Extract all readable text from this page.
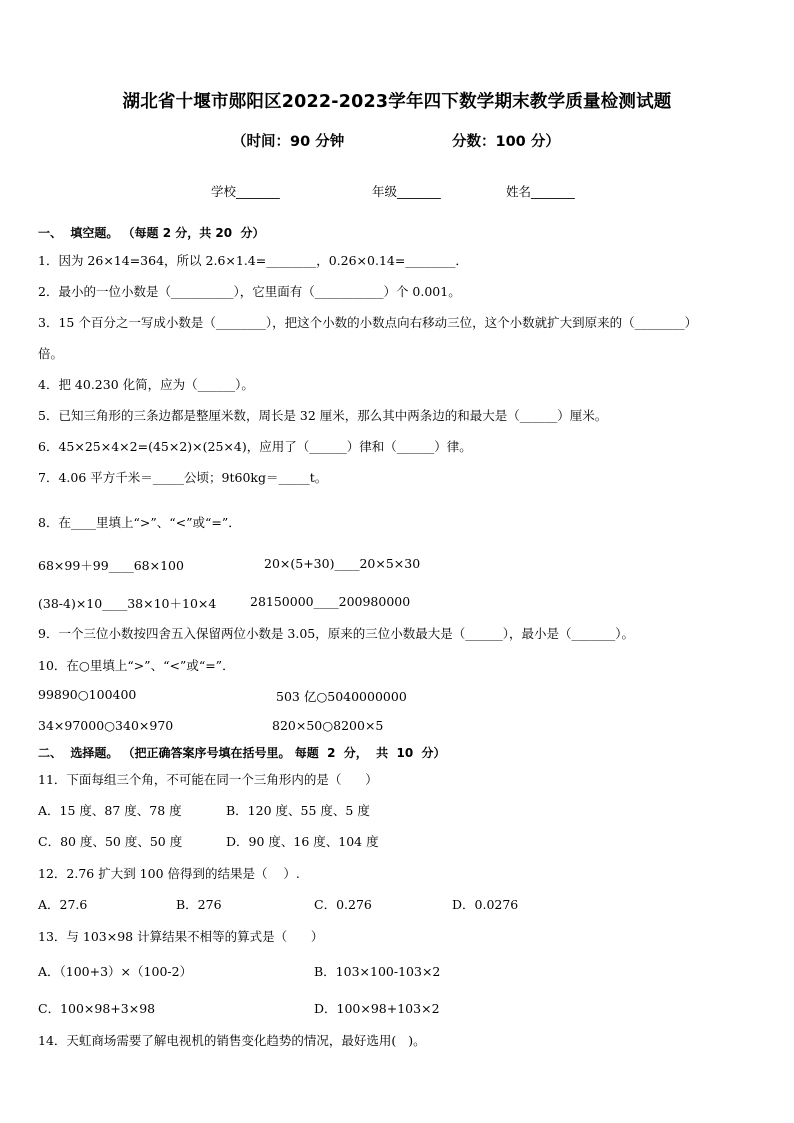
湖北省十堰市郧阳区2022-2023学年四下数学期末教学质量检测试题
（时间：90 分钟	分数：100 分）
学校_______	年级_______	姓名_______
一、  填空题。 （每题 2 分，共 20  分）
1．因为 26×14=364，所以 2.6×1.4=________，0.26×0.14=________．
2．最小的一位小数是（__________），它里面有（___________）个 0.001。
3．15 个百分之一写成小数是（________），把这个小数的小数点向右移动三位，这个小数就扩大到原来的（________）
倍。
4．把 40.230 化简，应为（______）。
5．已知三角形的三条边都是整厘米数，周长是 32 厘米，那么其中两条边的和最大是（______）厘米。
6．45×25×4×2=(45×2)×(25×4)，应用了（______）律和（______）律。
7．4.06 平方千米＝_____公顷；9t60kg＝_____t。
8．在____里填上“>”、“<”或“=”．
68×99＋99____68×100	20×(5+30)____20×5×30
(38-4)×10____38×10＋10×4	28150000____200980000
9．一个三位小数按四舍五入保留两位小数是 3.05，原来的三位小数最大是（______），最小是（_______）。
10．在○里填上“>”、“<”或“=”．
99890○100400	503 亿○5040000000
34×97000○340×970	820×50○8200×5
二、  选择题。 （把正确答案序号填在括号里。 每题  2  分，  共  10  分）
11．下面每组三个角，不可能在同一个三角形内的是（      ）
A．15 度、87 度、78 度	B．120 度、55 度、5 度
C．80 度、50 度、50 度	D．90 度、16 度、104 度
12．2.76 扩大到 100 倍得到的结果是（    ）.
A．27.6	B．276	C．0.276	D．0.0276
13．与 103×98 计算结果不相等的算式是（      ）
A．（100+3）×（100-2）	B．103×100-103×2
C．100×98+3×98	D．100×98+103×2
14．天虹商场需要了解电视机的销售变化趋势的情况，最好选用(   )。
